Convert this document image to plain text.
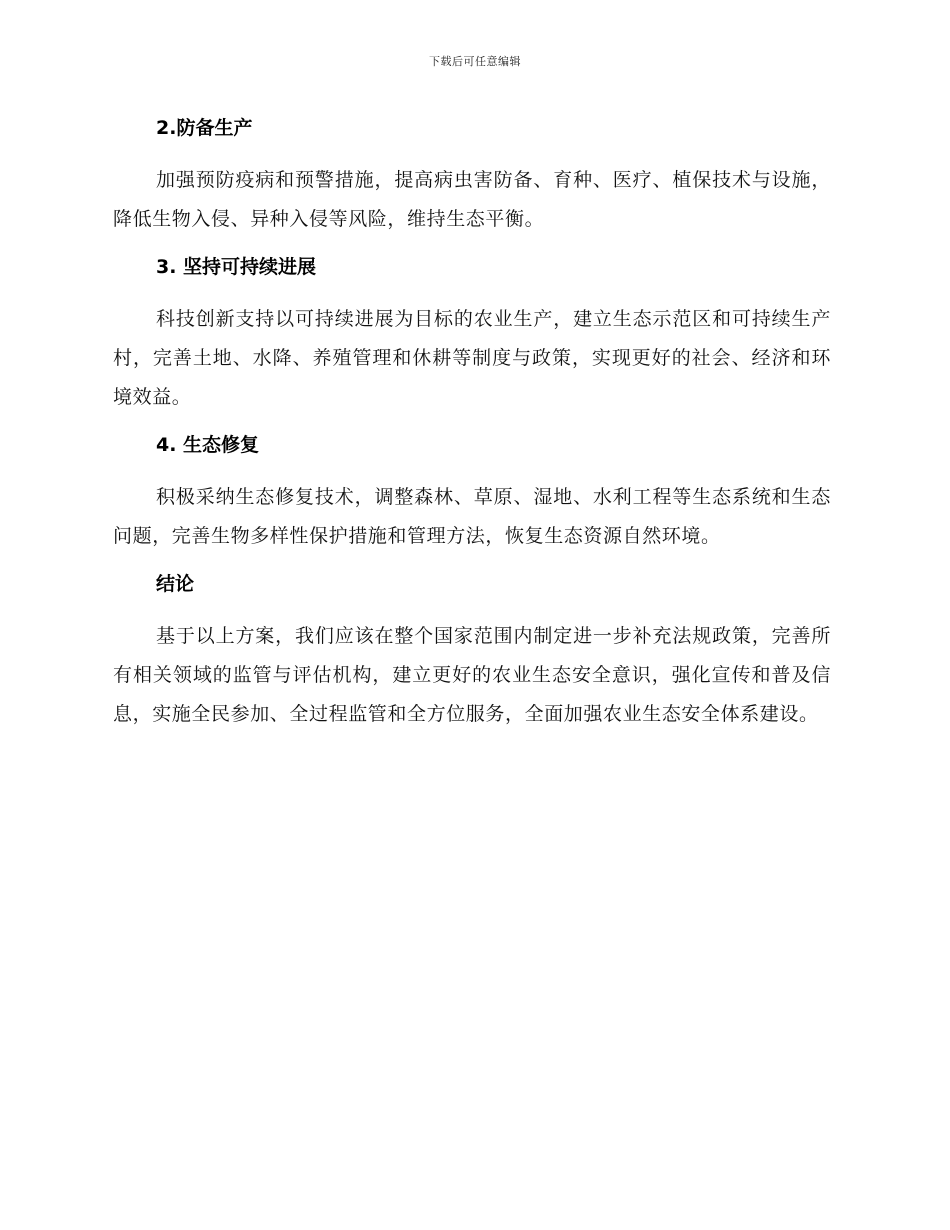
下载后可任意编辑
2.防备生产

加强预防疫病和预警措施，提高病虫害防备、育种、医疗、植保技术与设施，降低生物入侵、异种入侵等风险，维持生态平衡。

3. 坚持可持续进展

科技创新支持以可持续进展为目标的农业生产，建立生态示范区和可持续生产村，完善土地、水降、养殖管理和休耕等制度与政策，实现更好的社会、经济和环境效益。

4. 生态修复

积极采纳生态修复技术，调整森林、草原、湿地、水利工程等生态系统和生态问题，完善生物多样性保护措施和管理方法，恢复生态资源自然环境。

结论

基于以上方案，我们应该在整个国家范围内制定进一步补充法规政策，完善所有相关领域的监管与评估机构，建立更好的农业生态安全意识，强化宣传和普及信息，实施全民参加、全过程监管和全方位服务，全面加强农业生态安全体系建设。
